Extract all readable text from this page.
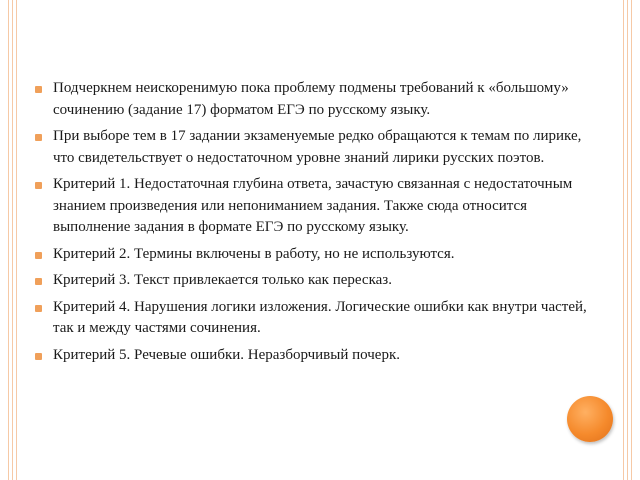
Подчеркнем неискоренимую пока проблему подмены требований к «большому» сочинению (задание 17) форматом ЕГЭ по русскому языку.
При выборе тем в 17 задании экзаменуемые редко обращаются к темам по лирике, что свидетельствует о недостаточном уровне знаний лирики русских поэтов.
Критерий 1. Недостаточная глубина ответа, зачастую связанная с недостаточным знанием произведения или непониманием задания. Также сюда относится выполнение задания в формате ЕГЭ по русскому языку.
Критерий 2. Термины включены в работу, но не используются.
Критерий 3. Текст привлекается только как пересказ.
Критерий 4. Нарушения логики изложения. Логические ошибки как внутри частей, так и между частями сочинения.
Критерий 5. Речевые ошибки. Неразборчивый почерк.
